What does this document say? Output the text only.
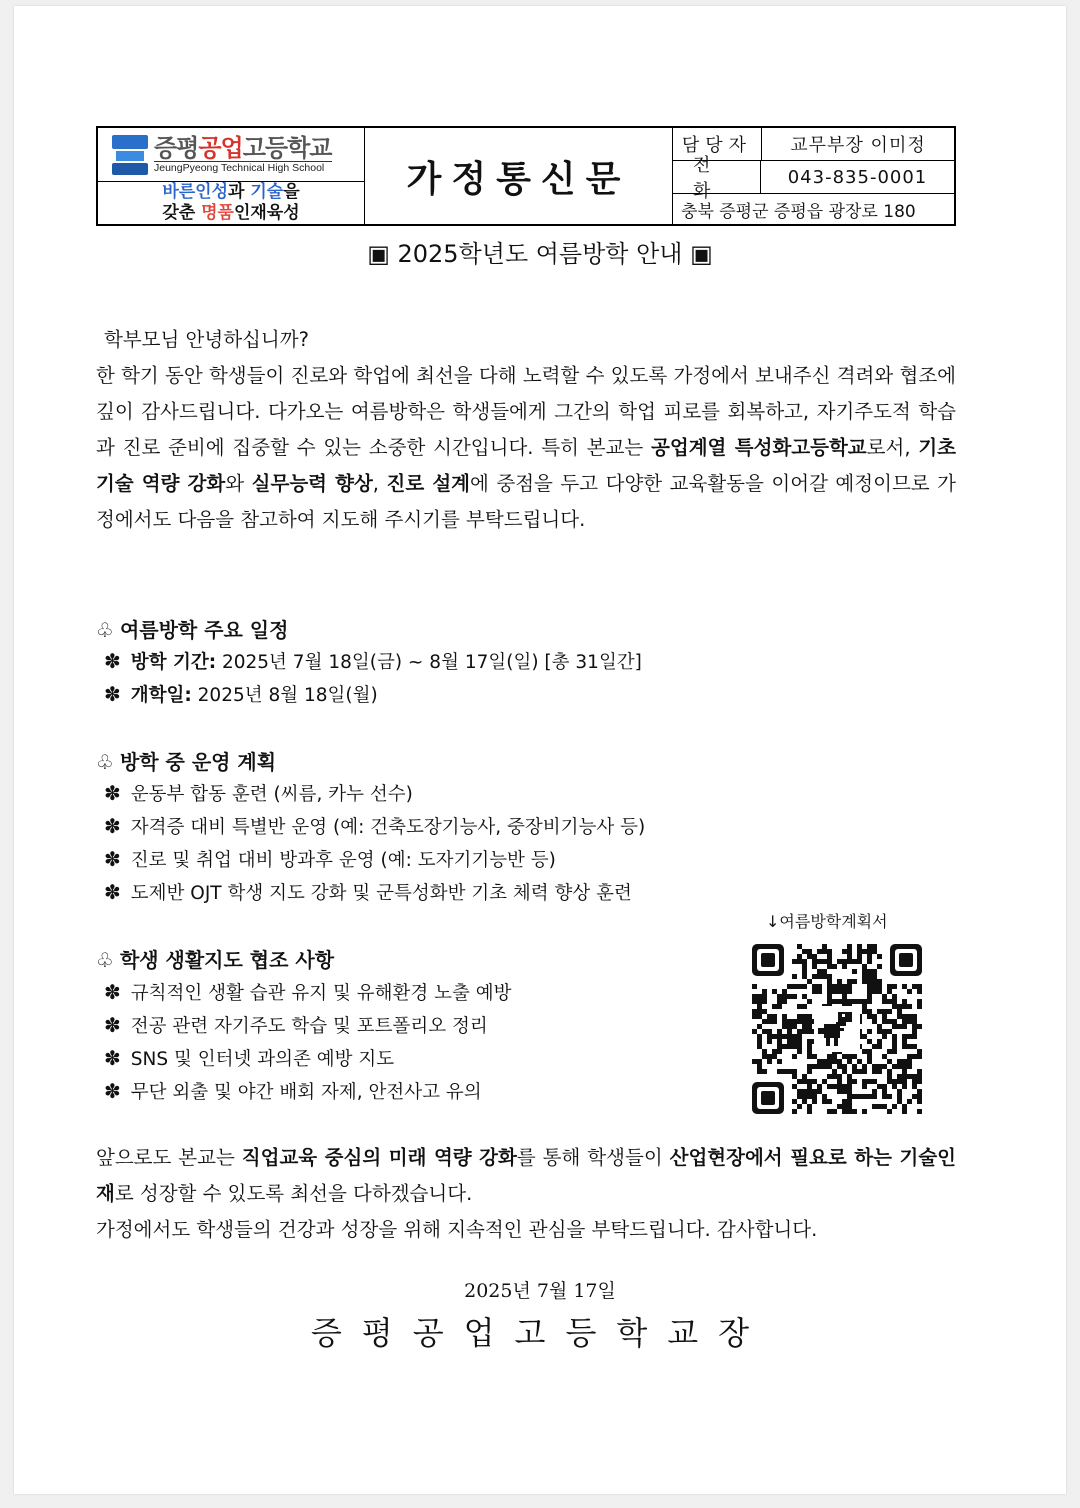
증평공업고등학교
JeungPyeong Technical High School
바른인성과 기술을
갖춘 명품인재육성
가정통신문
담당자	교무부장 이미정
전화
043-835-0001
충북 증평군 증평읍 광장로 180
▣ 2025학년도 여름방학 안내 ▣
학부모님 안녕하십니까?
한 학기 동안 학생들이 진로와 학업에 최선을 다해 노력할 수 있도록 가정에서 보내주신 격려와 협조에 깊이 감사드립니다. 다가오는 여름방학은 학생들에게 그간의 학업 피로를 회복하고, 자기주도적 학습과 진로 준비에 집중할 수 있는 소중한 시간입니다. 특히 본교는 공업계열 특성화고등학교로서, 기초 기술 역량 강화와 실무능력 향상, 진로 설계에 중점을 두고 다양한 교육활동을 이어갈 예정이므로 가정에서도 다음을 참고하여 지도해 주시기를 부탁드립니다.
♧ 여름방학 주요 일정
✽ 방학 기간: 2025년 7월 18일(금) ~ 8월 17일(일) [총 31일간]
✽ 개학일: 2025년 8월 18일(월)
♧ 방학 중 운영 계획
✽ 운동부 합동 훈련 (씨름, 카누 선수)
✽ 자격증 대비 특별반 운영 (예: 건축도장기능사, 중장비기능사 등)
✽ 진로 및 취업 대비 방과후 운영 (예: 도자기기능반 등)
✽ 도제반 OJT 학생 지도 강화 및 군특성화반 기초 체력 향상 훈련
♧ 학생 생활지도 협조 사항
✽ 규칙적인 생활 습관 유지 및 유해환경 노출 예방
✽ 전공 관련 자기주도 학습 및 포트폴리오 정리
✽ SNS 및 인터넷 과의존 예방 지도
✽ 무단 외출 및 야간 배회 자제, 안전사고 유의
↓여름방학계획서
앞으로도 본교는 직업교육 중심의 미래 역량 강화를 통해 학생들이 산업현장에서 필요로 하는 기술인재로 성장할 수 있도록 최선을 다하겠습니다.
가정에서도 학생들의 건강과 성장을 위해 지속적인 관심을 부탁드립니다. 감사합니다.
2025년 7월 17일
증평공업고등학교장
